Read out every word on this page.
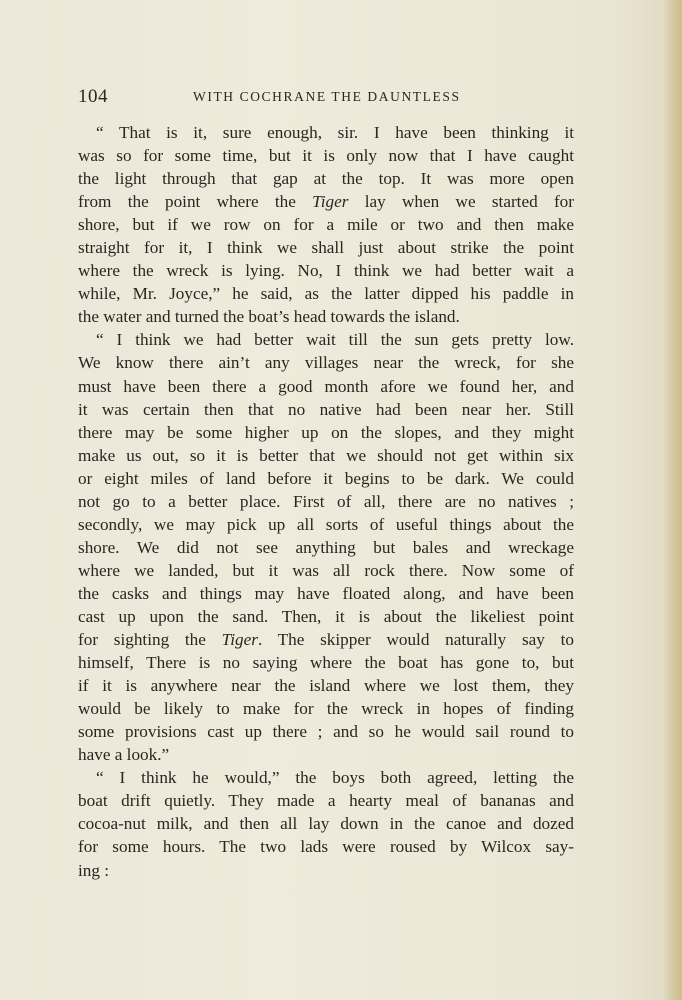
104	WITH COCHRANE THE DAUNTLESS
“ That is it, sure enough, sir. I have been thinking it
was so for some time, but it is only now that I have caught
the light through that gap at the top. It was more open
from the point where the Tiger lay when we started for
shore, but if we row on for a mile or two and then make
straight for it, I think we shall just about strike the point
where the wreck is lying. No, I think we had better wait a
while, Mr. Joyce,” he said, as the latter dipped his paddle in
the water and turned the boat’s head towards the island.
“ I think we had better wait till the sun gets pretty low.
We know there ain’t any villages near the wreck, for she
must have been there a good month afore we found her, and
it was certain then that no native had been near her. Still
there may be some higher up on the slopes, and they might
make us out, so it is better that we should not get within six
or eight miles of land before it begins to be dark. We could
not go to a better place. First of all, there are no natives ;
secondly, we may pick up all sorts of useful things about the
shore. We did not see anything but bales and wreckage
where we landed, but it was all rock there. Now some of
the casks and things may have floated along, and have been
cast up upon the sand. Then, it is about the likeliest point
for sighting the Tiger. The skipper would naturally say to
himself, There is no saying where the boat has gone to, but
if it is anywhere near the island where we lost them, they
would be likely to make for the wreck in hopes of finding
some provisions cast up there ; and so he would sail round to
have a look.”
“ I think he would,” the boys both agreed, letting the
boat drift quietly. They made a hearty meal of bananas and
cocoa-nut milk, and then all lay down in the canoe and dozed
for some hours. The two lads were roused by Wilcox say-
ing :
